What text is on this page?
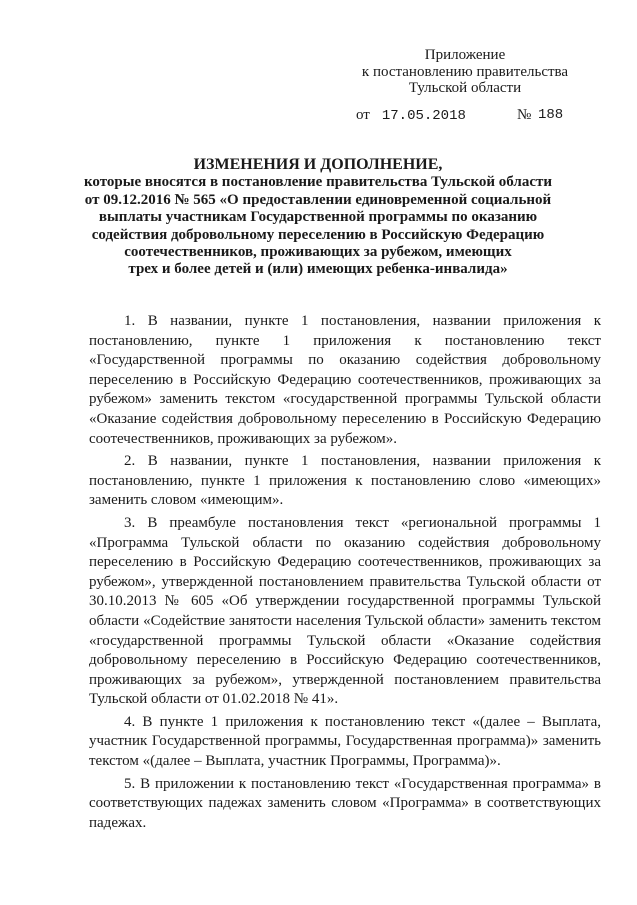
Приложение
к постановлению правительства
Тульской области
от 17.05.2018	№ 188
ИЗМЕНЕНИЯ И ДОПОЛНЕНИЕ,
которые вносятся в постановление правительства Тульской области
от 09.12.2016 № 565 «О предоставлении единовременной социальной
выплаты участникам Государственной программы по оказанию
содействия добровольному переселению в Российскую Федерацию
соотечественников, проживающих за рубежом, имеющих
трех и более детей и (или) имеющих ребенка-инвалида»

1. В названии, пункте 1 постановления, названии приложения к постановлению, пункте 1 приложения к постановлению текст «Государственной программы по оказанию содействия добровольному переселению в Российскую Федерацию соотечественников, проживающих за рубежом» заменить текстом «государственной программы Тульской области «Оказание содействия добровольному переселению в Российскую Федерацию соотечественников, проживающих за рубежом».

2. В названии, пункте 1 постановления, названии приложения к постановлению, пункте 1 приложения к постановлению слово «имеющих» заменить словом «имеющим».

3. В преамбуле постановления текст «региональной программы 1 «Программа Тульской области по оказанию содействия добровольному переселению в Российскую Федерацию соотечественников, проживающих за рубежом», утвержденной постановлением правительства Тульской области от 30.10.2013 № 605 «Об утверждении государственной программы Тульской области «Содействие занятости населения Тульской области» заменить текстом «государственной программы Тульской области «Оказание содействия добровольному переселению в Российскую Федерацию соотечественников, проживающих за рубежом», утвержденной постановлением правительства Тульской области от 01.02.2018 № 41».

4. В пункте 1 приложения к постановлению текст «(далее – Выплата, участник Государственной программы, Государственная программа)» заменить текстом «(далее – Выплата, участник Программы, Программа)».

5. В приложении к постановлению текст «Государственная программа» в соответствующих падежах заменить словом «Программа» в соответствующих падежах.
